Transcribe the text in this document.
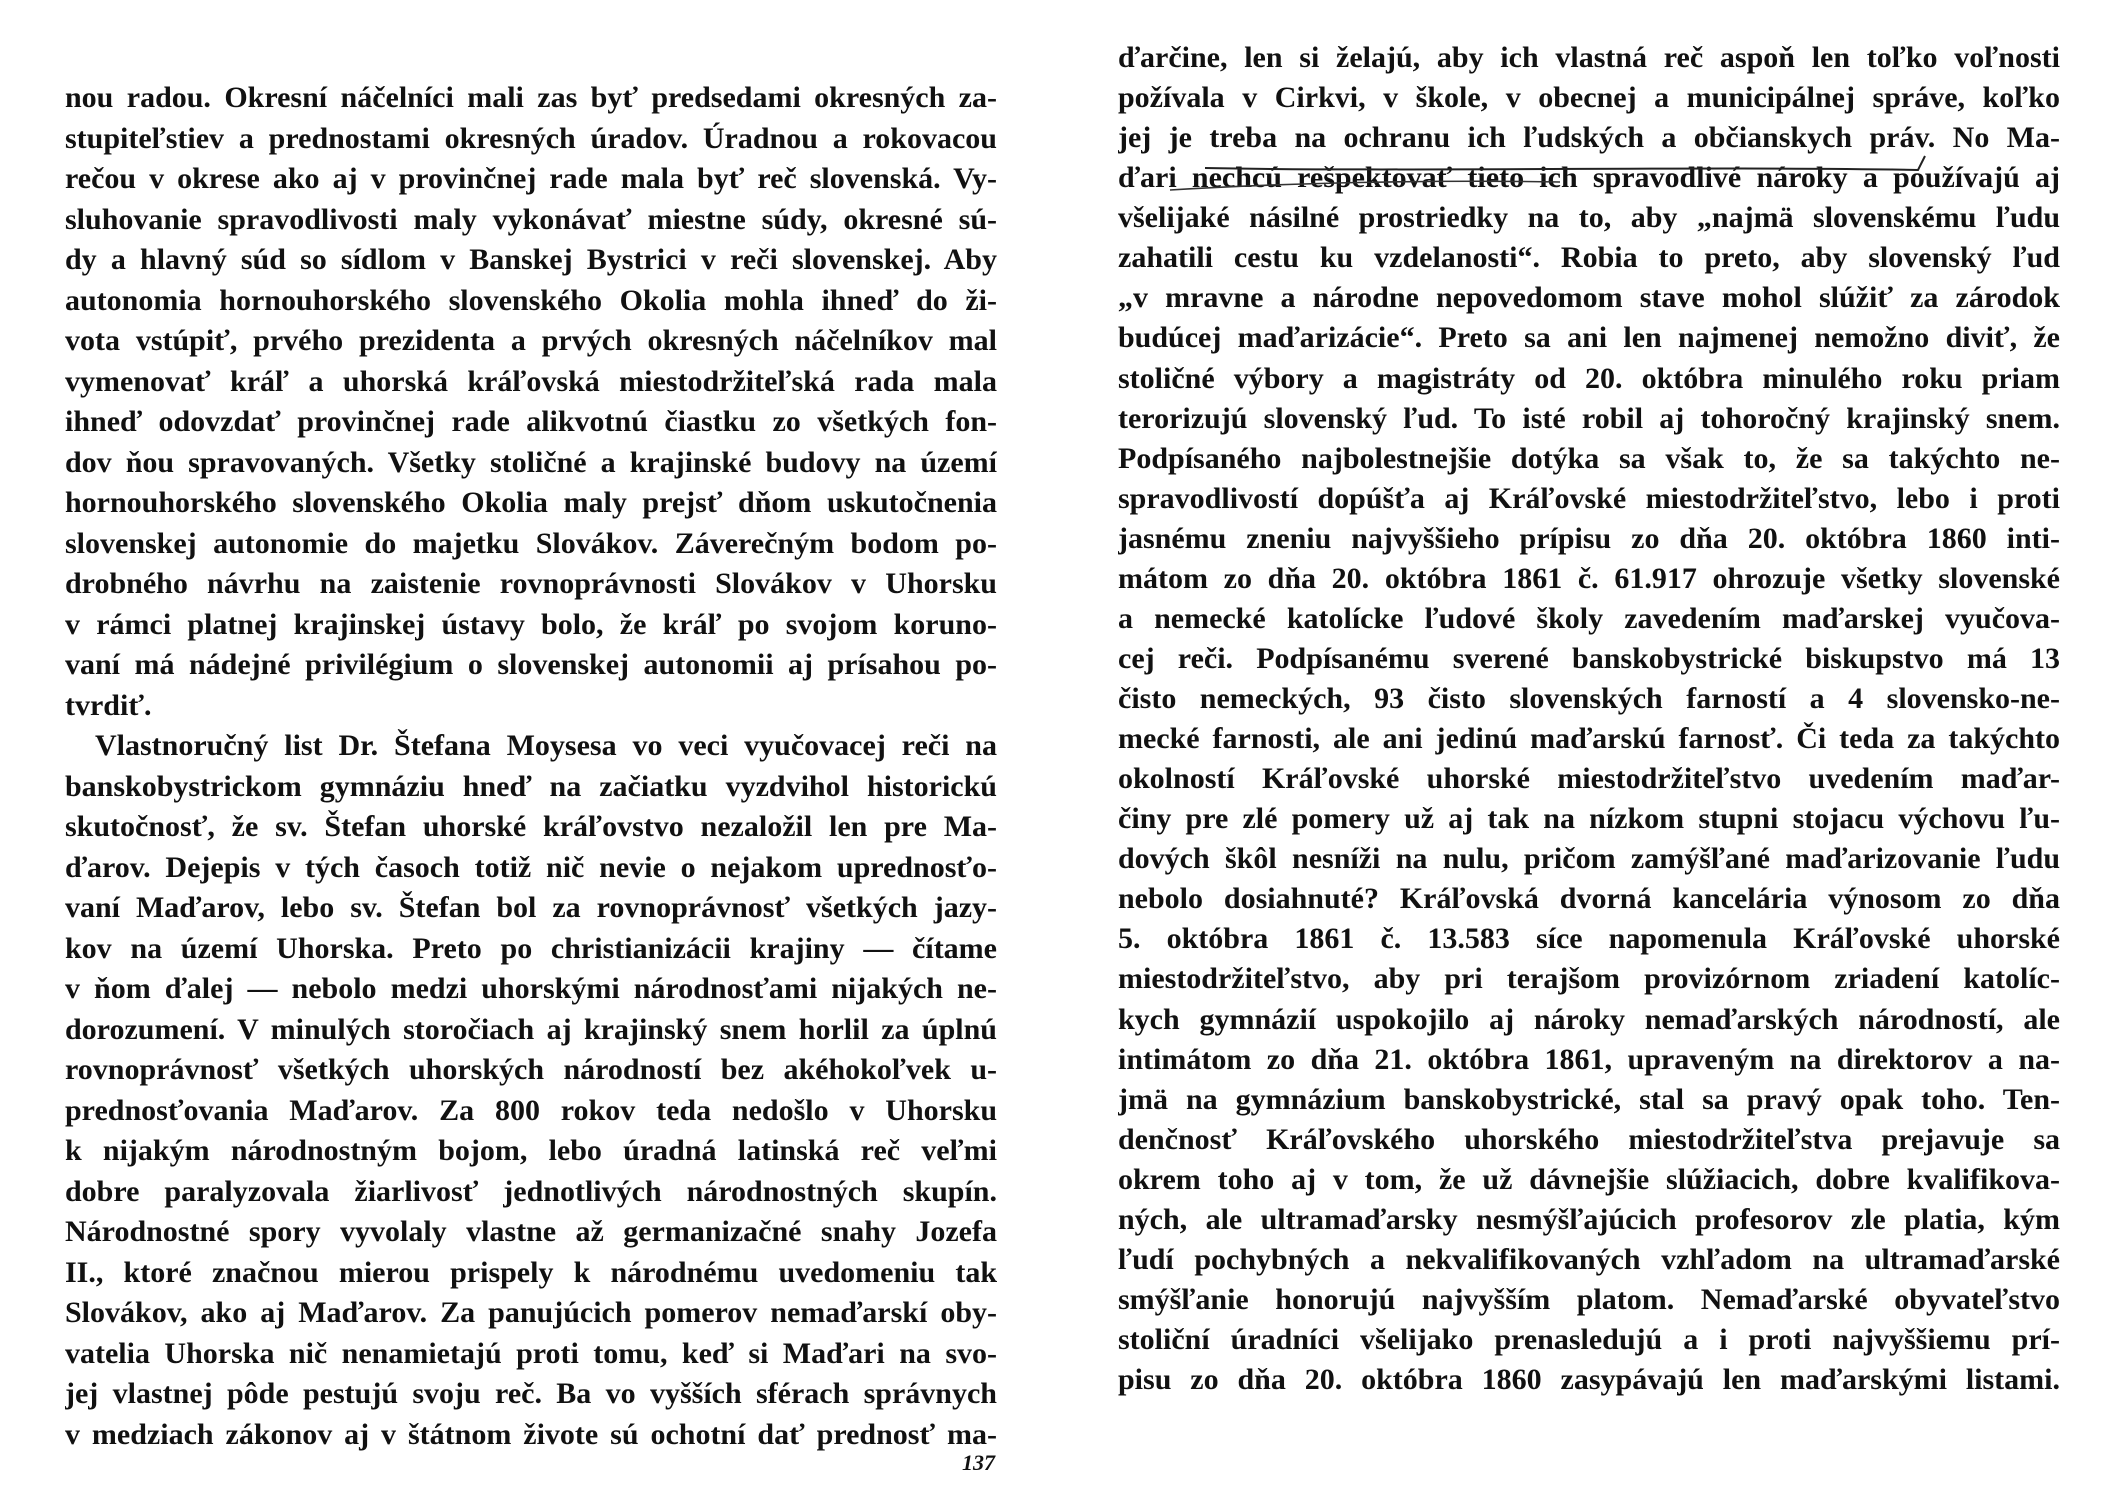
nou radou. Okresní náčelníci mali zas byť predsedami okresných za-
stupiteľstiev a prednostami okresných úradov. Úradnou a rokovacou
rečou v okrese ako aj v provinčnej rade mala byť reč slovenská. Vy-
sluhovanie spravodlivosti maly vykonávať miestne súdy, okresné sú-
dy a hlavný súd so sídlom v Banskej Bystrici v reči slovenskej. Aby
autonomia hornouhorského slovenského Okolia mohla ihneď do ži-
vota vstúpiť, prvého prezidenta a prvých okresných náčelníkov mal
vymenovať kráľ a uhorská kráľovská miestodržiteľská rada mala
ihneď odovzdať provinčnej rade alikvotnú čiastku zo všetkých fon-
dov ňou spravovaných. Všetky stoličné a krajinské budovy na území
hornouhorského slovenského Okolia maly prejsť dňom uskutočnenia
slovenskej autonomie do majetku Slovákov. Záverečným bodom po-
drobného návrhu na zaistenie rovnoprávnosti Slovákov v Uhorsku
v rámci platnej krajinskej ústavy bolo, že kráľ po svojom koruno-
vaní má nádejné privilégium o slovenskej autonomii aj prísahou po-
tvrdiť.
Vlastnoručný list Dr. Štefana Moysesa vo veci vyučovacej reči na
banskobystrickom gymnáziu hneď na začiatku vyzdvihol historickú
skutočnosť, že sv. Štefan uhorské kráľovstvo nezaložil len pre Ma-
ďarov. Dejepis v tých časoch totiž nič nevie o nejakom uprednosťo-
vaní Maďarov, lebo sv. Štefan bol za rovnoprávnosť všetkých jazy-
kov na území Uhorska. Preto po christianizácii krajiny — čítame
v ňom ďalej — nebolo medzi uhorskými národnosťami nijakých ne-
dorozumení. V minulých storočiach aj krajinský snem horlil za úplnú
rovnoprávnosť všetkých uhorských národností bez akéhokoľvek u-
prednosťovania Maďarov. Za 800 rokov teda nedošlo v Uhorsku
k nijakým národnostným bojom, lebo úradná latinská reč veľmi
dobre paralyzovala žiarlivosť jednotlivých národnostných skupín.
Národnostné spory vyvolaly vlastne až germanizačné snahy Jozefa
II., ktoré značnou mierou prispely k národnému uvedomeniu tak
Slovákov, ako aj Maďarov. Za panujúcich pomerov nemaďarskí oby-
vatelia Uhorska nič nenamietajú proti tomu, keď si Maďari na svo-
jej vlastnej pôde pestujú svoju reč. Ba vo vyšších sférach správnych
v medziach zákonov aj v štátnom živote sú ochotní dať prednosť ma-
ďarčine, len si želajú, aby ich vlastná reč aspoň len toľko voľnosti
požívala v Cirkvi, v škole, v obecnej a municipálnej správe, koľko
jej je treba na ochranu ich ľudských a občianskych práv. No Ma-
ďari nechcú rešpektovať tieto ich spravodlivé nároky a používajú aj
všelijaké násilné prostriedky na to, aby „najmä slovenskému ľudu
zahatili cestu ku vzdelanosti“. Robia to preto, aby slovenský ľud
„v mravne a národne nepovedomom stave mohol slúžiť za zárodok
budúcej maďarizácie“. Preto sa ani len najmenej nemožno diviť, že
stoličné výbory a magistráty od 20. októbra minulého roku priam
terorizujú slovenský ľud. To isté robil aj tohoročný krajinský snem.
Podpísaného najbolestnejšie dotýka sa však to, že sa takýchto ne-
spravodlivostí dopúšťa aj Kráľovské miestodržiteľstvo, lebo i proti
jasnému zneniu najvyššieho prípisu zo dňa 20. októbra 1860 inti-
mátom zo dňa 20. októbra 1861 č. 61.917 ohrozuje všetky slovenské
a nemecké katolícke ľudové školy zavedením maďarskej vyučova-
cej reči. Podpísanému sverené banskobystrické biskupstvo má 13
čisto nemeckých, 93 čisto slovenských farností a 4 slovensko-ne-
mecké farnosti, ale ani jedinú maďarskú farnosť. Či teda za takýchto
okolností Kráľovské uhorské miestodržiteľstvo uvedením maďar-
činy pre zlé pomery už aj tak na nízkom stupni stojacu výchovu ľu-
dových škôl nesníži na nulu, pričom zamýšľané maďarizovanie ľudu
nebolo dosiahnuté? Kráľovská dvorná kancelária výnosom zo dňa
5. októbra 1861 č. 13.583 síce napomenula Kráľovské uhorské
miestodržiteľstvo, aby pri terajšom provizórnom zriadení katolíc-
kych gymnázií uspokojilo aj nároky nemaďarských národností, ale
intimátom zo dňa 21. októbra 1861, upraveným na direktorov a na-
jmä na gymnázium banskobystrické, stal sa pravý opak toho. Ten-
denčnosť Kráľovského uhorského miestodržiteľstva prejavuje sa
okrem toho aj v tom, že už dávnejšie slúžiacich, dobre kvalifikova-
ných, ale ultramaďarsky nesmýšľajúcich profesorov zle platia, kým
ľudí pochybných a nekvalifikovaných vzhľadom na ultramaďarské
smýšľanie honorujú najvyšším platom. Nemaďarské obyvateľstvo
stoliční úradníci všelijako prenasledujú a i proti najvyššiemu prí-
pisu zo dňa 20. októbra 1860 zasypávajú len maďarskými listami.
137
